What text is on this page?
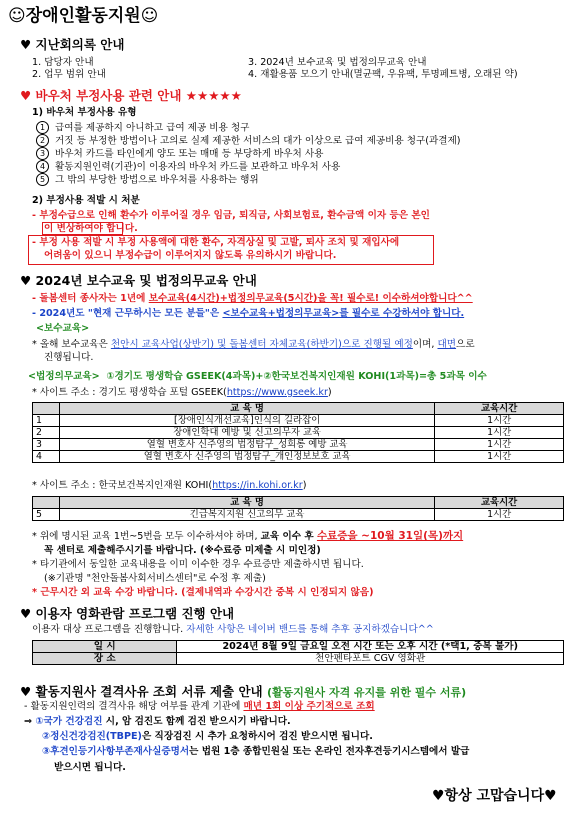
☺장애인활동지원☺
♥ 지난회의록 안내
1. 담당자 안내
2. 업무 범위 안내
3. 2024년 보수교육 및 법정의무교육 안내
4. 재활용품 모으기 안내(멸균팩, 우유팩, 투명페트병, 오래된 약)
♥ 바우처 부정사용 관련 안내 ★★★★★
1) 바우처 부정사용 유형
1 급여를 제공하지 아니하고 급여 제공 비용 청구
2 거짓 등 부정한 방법이나 고의로 실제 제공한 서비스의 대가 이상으로 급여 제공비용 청구(과결제)
3 바우처 카드를 타인에게 양도 또는 매매 등 부당하게 바우처 사용
4 활동지원인력(기관)이 이용자의 바우처 카드를 보관하고 바우처 사용
5 그 밖의 부당한 방법으로 바우처를 사용하는 행위
2) 부정사용 적발 시 처분
- 부정수급으로 인해 환수가 이루어질 경우 임금, 퇴직금, 사회보험료, 환수금액 이자 등은 본인
이 변상하여야 합니다.
- 부정 사용 적발 시 부정 사용액에 대한 환수, 자격상실 및 고발, 퇴사 조치 및 재입사에
어려움이 있으니 부정수급이 이루어지지 않도록 유의하시기 바랍니다.
♥ 2024년 보수교육 및 법정의무교육 안내
- 돌봄센터 종사자는 1년에 보수교육(4시간)+법정의무교육(5시간)을 꼭! 필수로! 이수하셔야합니다^^
- 2024년도 "현재 근무하시는 모든 분들"은 <보수교육+법정의무교육>를 필수로 수강하셔야 합니다.
<보수교육>
* 올해 보수교육은 천안시 교육사업(상반기) 및 돌봄센터 자체교육(하반기)으로 진행될 예정이며, 대면으로
진행됩니다.
<법정의무교육> ①경기도 평생학습 GSEEK(4과목)+②한국보건복지인재원 KOHI(1과목)=총 5과목 이수
* 사이트 주소 : 경기도 평생학습 포털 GSEEK(https://www.gseek.kr)
	교 육 명	교육시간
1	[장애인식개선교육]인식의 길라잡이	1시간
2	장애인학대 예방 및 신고의무자 교육	1시간
3	열혈 변호사 신주영의 법정탐구_성희롱 예방 교육	1시간
4	열혈 변호사 신주영의 법정탐구_개인정보보호 교육	1시간
* 사이트 주소 : 한국보건복지인재원 KOHI(https://in.kohi.or.kr)
	교 육 명	교육시간
5	긴급복지지원 신고의무 교육	1시간
* 위에 명시된 교육 1번~5번을 모두 이수하셔야 하며, 교육 이수 후 수료증을 ~10월 31일(목)까지
꼭 센터로 제출해주시기를 바랍니다. (※수료증 미제출 시 미인정)
* 타기관에서 동일한 교육내용을 이미 이수한 경우 수료증만 제출하시면 됩니다.
(※기관명 "천안돌봄사회서비스센터"로 수정 후 제출)
* 근무시간 외 교육 수강 바랍니다. (결제내역과 수강시간 중복 시 인정되지 않음)
♥ 이용자 영화관람 프로그램 진행 안내
이용자 대상 프로그램을 진행합니다. 자세한 사항은 네이버 밴드를 통해 추후 공지하겠습니다^^
일 시	2024년 8월 9일 금요일 오전 시간 또는 오후 시간 (*택1, 중복 불가)
장 소	천안펜타포트 CGV 영화관
♥ 활동지원사 결격사유 조회 서류 제출 안내 (활동지원사 자격 유지를 위한 필수 서류)
- 활동지원인력의 결격사유 해당 여부를 관계 기관에 매년 1회 이상 주기적으로 조회
⇒ ①국가 건강검진 시, 암 검진도 함께 검진 받으시기 바랍니다.
②정신건강검진(TBPE)은 직장검진 시 추가 요청하시어 검진 받으시면 됩니다.
③후견인등기사항부존재사실증명서는 법원 1층 종합민원실 또는 온라인 전자후견등기시스템에서 발급
받으시면 됩니다.
♥항상 고맙습니다♥
